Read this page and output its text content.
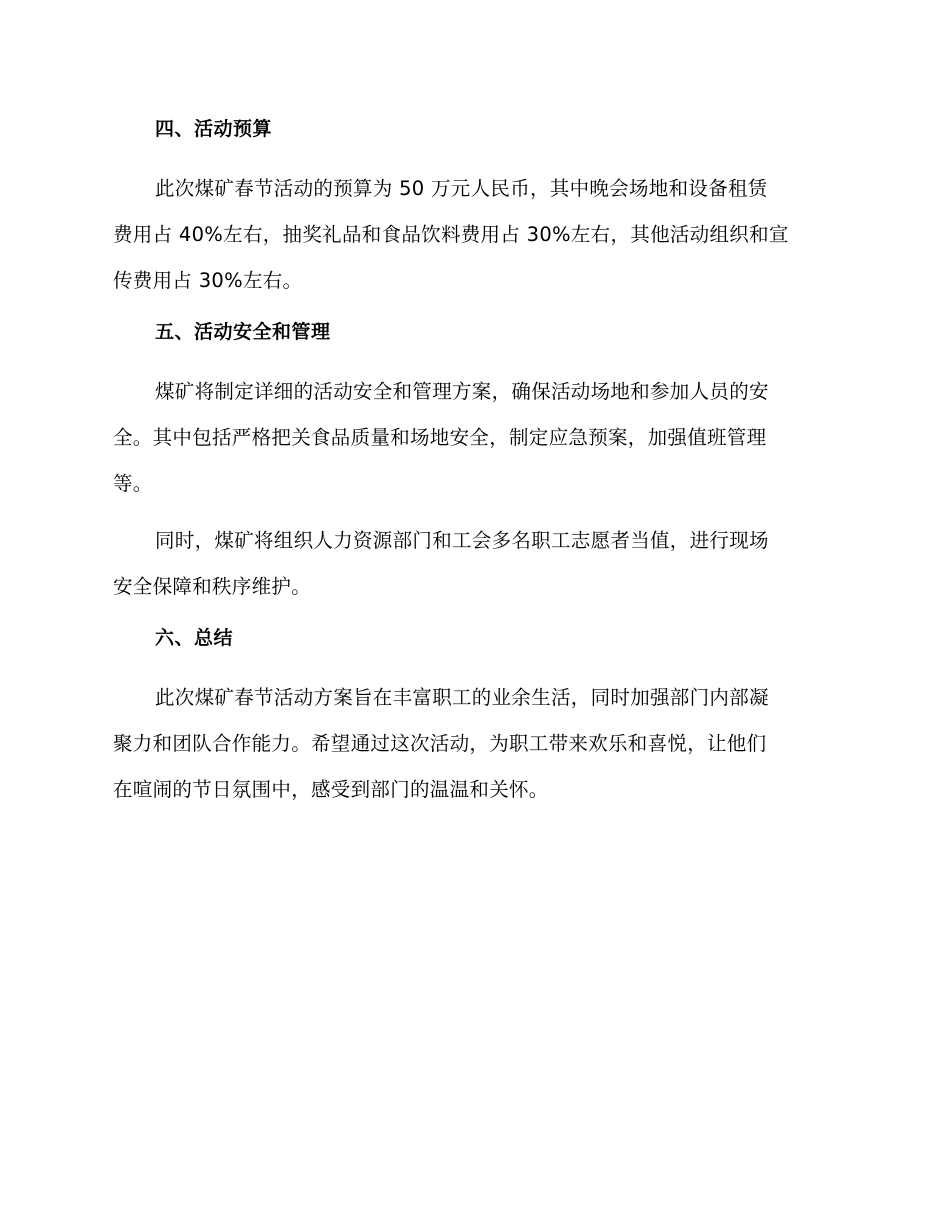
四、活动预算
此次煤矿春节活动的预算为 50 万元人民币，其中晚会场地和设备租赁
费用占 40%左右，抽奖礼品和食品饮料费用占 30%左右，其他活动组织和宣
传费用占 30%左右。
五、活动安全和管理
煤矿将制定详细的活动安全和管理方案，确保活动场地和参加人员的安
全。其中包括严格把关食品质量和场地安全，制定应急预案，加强值班管理
等。
同时，煤矿将组织人力资源部门和工会多名职工志愿者当值，进行现场
安全保障和秩序维护。
六、总结
此次煤矿春节活动方案旨在丰富职工的业余生活，同时加强部门内部凝
聚力和团队合作能力。希望通过这次活动，为职工带来欢乐和喜悦，让他们
在喧闹的节日氛围中，感受到部门的温温和关怀。
